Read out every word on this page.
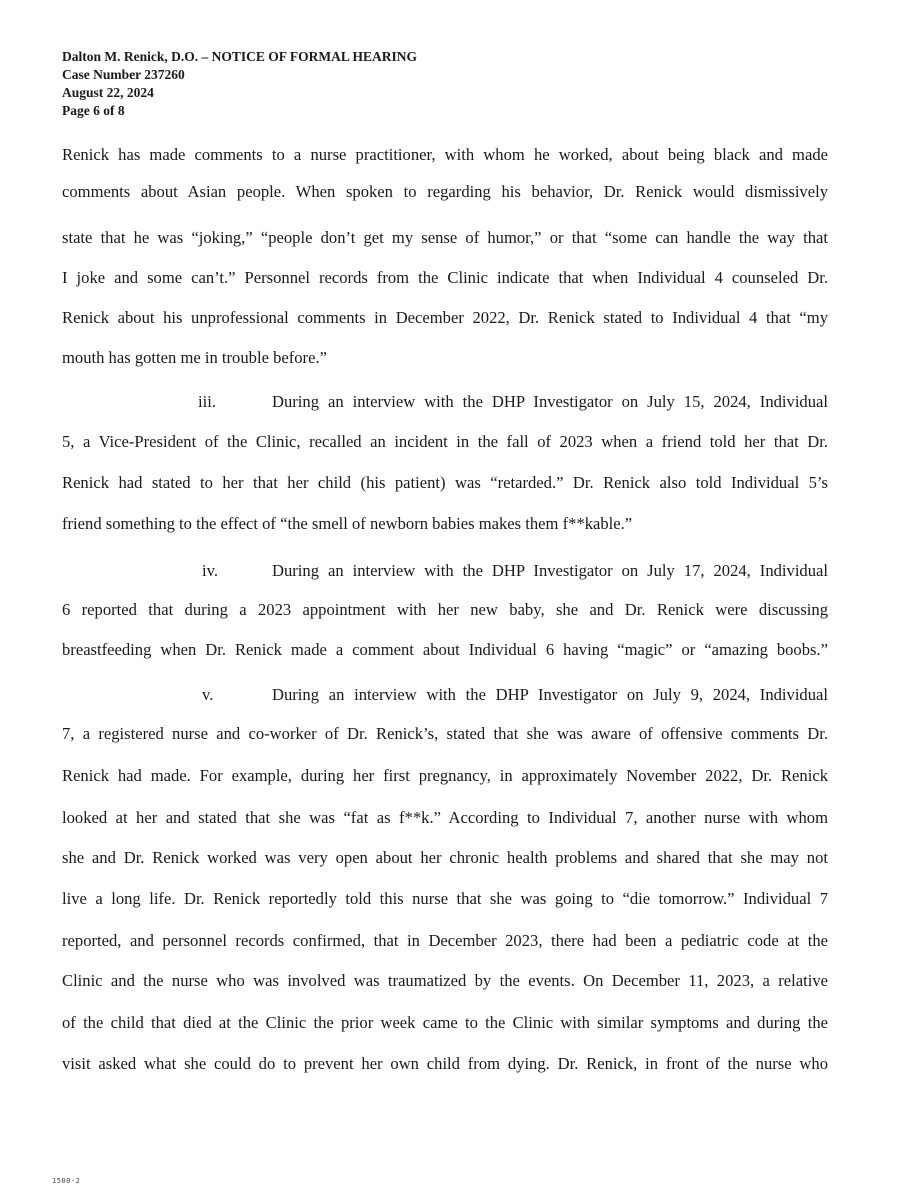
Dalton M. Renick, D.O. – NOTICE OF FORMAL HEARING
Case Number 237260
August 22, 2024
Page 6 of 8
Renick has made comments to a nurse practitioner, with whom he worked, about being black and made
comments about Asian people. When spoken to regarding his behavior, Dr. Renick would dismissively
state that he was “joking,” “people don’t get my sense of humor,” or that “some can handle the way that
I joke and some can’t.” Personnel records from the Clinic indicate that when Individual 4 counseled Dr.
Renick about his unprofessional comments in December 2022, Dr. Renick stated to Individual 4 that “my
mouth has gotten me in trouble before.”
iii.	During an interview with the DHP Investigator on July 15, 2024, Individual
5, a Vice-President of the Clinic, recalled an incident in the fall of 2023 when a friend told her that Dr.
Renick had stated to her that her child (his patient) was “retarded.” Dr. Renick also told Individual 5’s
friend something to the effect of “the smell of newborn babies makes them f**kable.”
iv.	During an interview with the DHP Investigator on July 17, 2024, Individual
6 reported that during a 2023 appointment with her new baby, she and Dr. Renick were discussing
breastfeeding when Dr. Renick made a comment about Individual 6 having “magic” or “amazing boobs.”
v.	During an interview with the DHP Investigator on July 9, 2024, Individual
7, a registered nurse and co-worker of Dr. Renick’s, stated that she was aware of offensive comments Dr.
Renick had made. For example, during her first pregnancy, in approximately November 2022, Dr. Renick
looked at her and stated that she was “fat as f**k.” According to Individual 7, another nurse with whom
she and Dr. Renick worked was very open about her chronic health problems and shared that she may not
live a long life. Dr. Renick reportedly told this nurse that she was going to “die tomorrow.” Individual 7
reported, and personnel records confirmed, that in December 2023, there had been a pediatric code at the
Clinic and the nurse who was involved was traumatized by the events. On December 11, 2023, a relative
of the child that died at the Clinic the prior week came to the Clinic with similar symptoms and during the
visit asked what she could do to prevent her own child from dying. Dr. Renick, in front of the nurse who
1500-2
